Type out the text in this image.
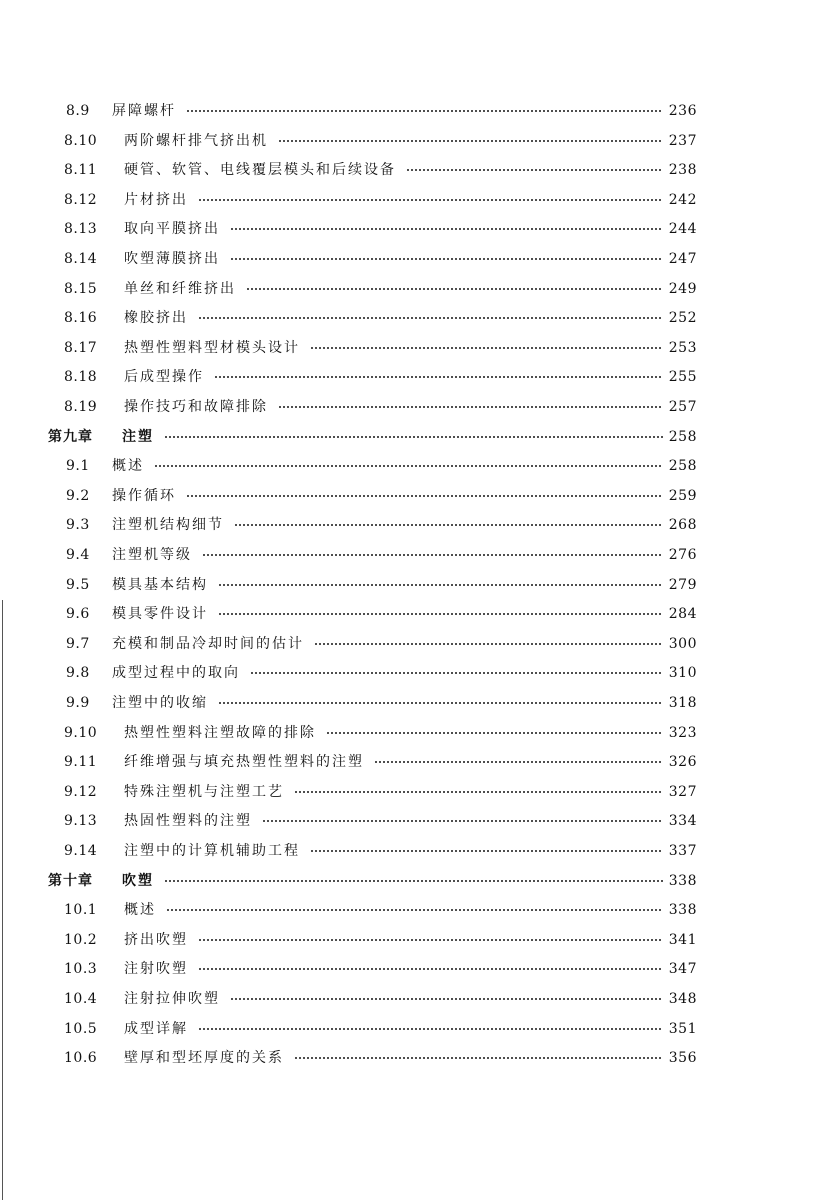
8.9 屏障螺杆	236
8.10 两阶螺杆排气挤出机	237
8.11 硬管、软管、电线覆层模头和后续设备	238
8.12 片材挤出	242
8.13 取向平膜挤出	244
8.14 吹塑薄膜挤出	247
8.15 单丝和纤维挤出	249
8.16 橡胶挤出	252
8.17 热塑性塑料型材模头设计	253
8.18 后成型操作	255
8.19 操作技巧和故障排除	257
第九章 注塑	258
9.1 概述	258
9.2 操作循环	259
9.3 注塑机结构细节	268
9.4 注塑机等级	276
9.5 模具基本结构	279
9.6 模具零件设计	284
9.7 充模和制品冷却时间的估计	300
9.8 成型过程中的取向	310
9.9 注塑中的收缩	318
9.10 热塑性塑料注塑故障的排除	323
9.11 纤维增强与填充热塑性塑料的注塑	326
9.12 特殊注塑机与注塑工艺	327
9.13 热固性塑料的注塑	334
9.14 注塑中的计算机辅助工程	337
第十章 吹塑	338
10.1 概述	338
10.2 挤出吹塑	341
10.3 注射吹塑	347
10.4 注射拉伸吹塑	348
10.5 成型详解	351
10.6 壁厚和型坯厚度的关系	356
